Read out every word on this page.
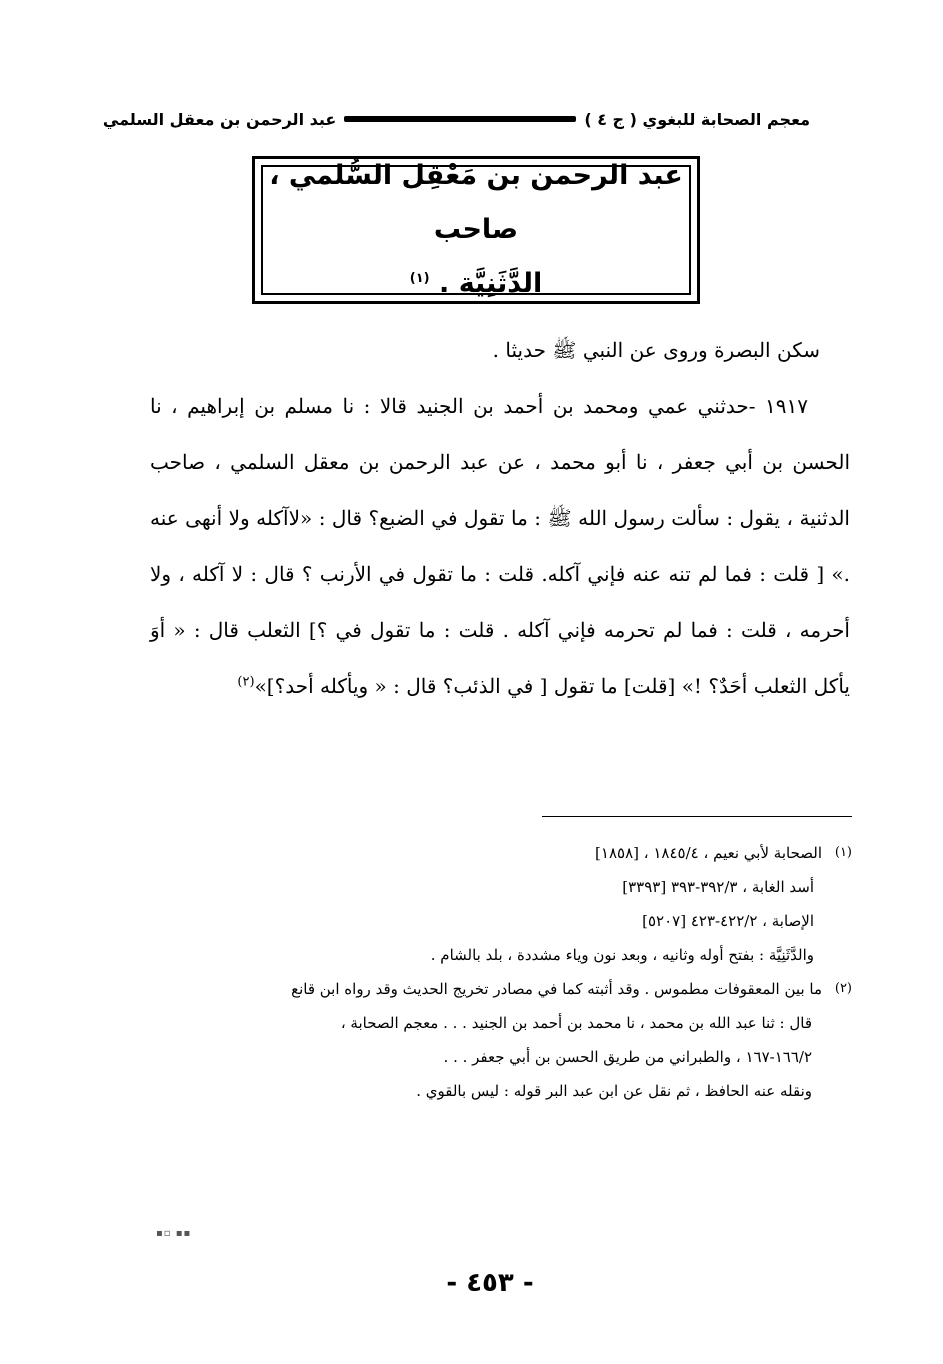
معجم الصحابة للبغوي ( ج ٤ )
عبد الرحمن بن معقل السلمي
عبد الرحمن بن مَعْقِل السُّلمي ، صاحب
الدَّثَنِيَّة . $^{(١)}$

سكن البصرة وروى عن النبي ﷺ حديثا .

١٩١٧ -حدثني عمي ومحمد بن أحمد بن الجنيد قالا : نا مسلم بن إبراهيم ، نا الحسن بن أبي جعفر ، نا أبو محمد ، عن عبد الرحمن بن معقل السلمي ، صاحب الدثنية ، يقول : سألت رسول الله ﷺ : ما تقول في الضبع؟ قال : «لاآكله ولا أنهى عنه .» [ قلت : فما لم تنه عنه فإني آكله. قلت : ما تقول في الأرنب ؟ قال : لا آكله ، ولا أحرمه ، قلت : فما لم تحرمه فإني آكله . قلت : ما تقول في ؟] الثعلب قال : « أوَ يأكل الثعلب أحَدٌ؟ !» [قلت] ما تقول [ في الذئب؟ قال : « ويأكله أحد؟]»$^{(٢)}$

(١)

الصحابة لأبي نعيم ، ١٨٤٥/٤ ، [١٨٥٨]

أسد الغابة ، ٣٩٢/٣-٣٩٣ [٣٣٩٣]

الإصابة ، ٤٢٢/٢-٤٢٣ [٥٢٠٧]

والدَّثَنِيَّة : بفتح أوله وثانيه ، وبعد نون وياء مشددة ، بلد بالشام .

(٢)

ما بين المعقوفات مطموس . وقد أثبته كما في مصادر تخريج الحديث وقد رواه ابن قانع

قال : ثنا عبد الله بن محمد ، نا محمد بن أحمد بن الجنيد . . . معجم الصحابة ،

١٦٦/٢-١٦٧ ، والطبراني من طريق الحسن بن أبي جعفر . . .

ونقله عنه الحافظ ، ثم نقل عن ابن عبد البر قوله : ليس بالقوي .

▪▫ ▪▪
- ٤٥٣ -
